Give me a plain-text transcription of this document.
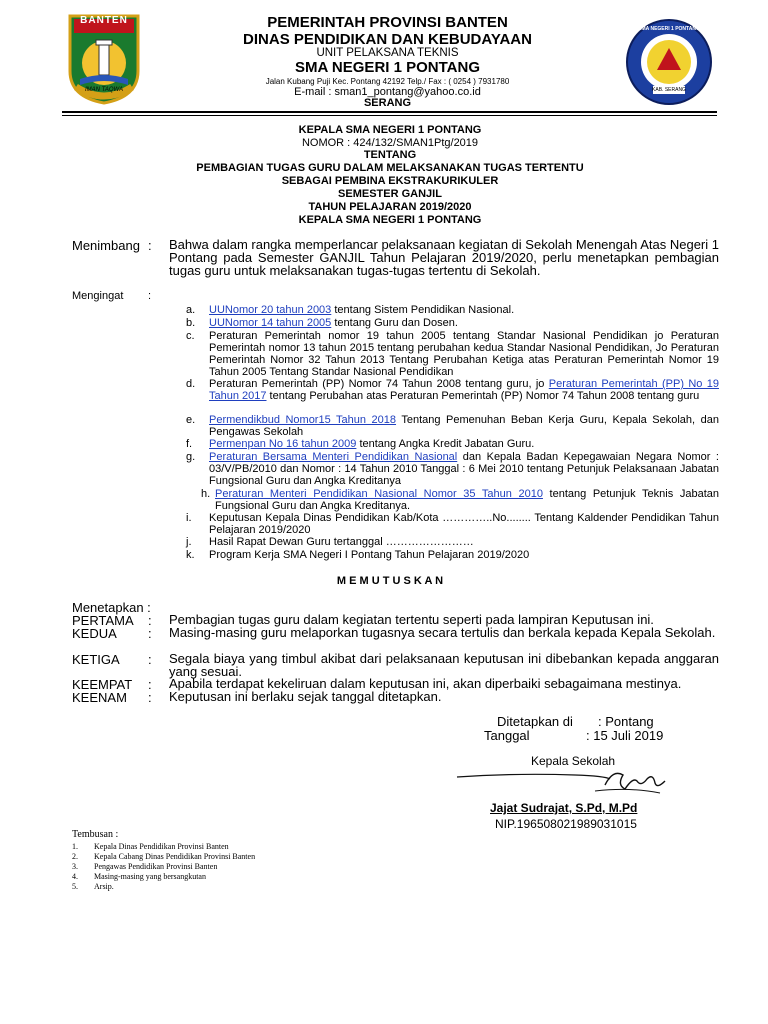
BANTEN
IMAN TAQWA
SMA NEGERI 1 PONTANG
KAB. SERANG
PEMERINTAH PROVINSI BANTEN
DINAS PENDIDIKAN DAN KEBUDAYAAN
UNIT PELAKSANA TEKNIS
SMA NEGERI 1 PONTANG
Jalan Kubang Puji Kec. Pontang 42192 Telp./ Fax : ( 0254 ) 7931780
E-mail : sman1_pontang@yahoo.co.id
SERANG
KEPALA SMA NEGERI 1 PONTANG
NOMOR : 424/132/SMAN1Ptg/2019
TENTANG
PEMBAGIAN TUGAS GURU DALAM MELAKSANAKAN TUGAS TERTENTU
SEBAGAI PEMBINA EKSTRAKURIKULER
SEMESTER GANJIL
TAHUN PELAJARAN 2019/2020
KEPALA SMA NEGERI 1 PONTANG
Menimbang : Bahwa dalam rangka memperlancar pelaksanaan kegiatan di Sekolah Menengah Atas Negeri 1 Pontang pada Semester GANJIL Tahun Pelajaran 2019/2020, perlu menetapkan pembagian tugas guru untuk melaksanakan tugas-tugas tertentu di Sekolah.
Mengingat :
a. UUNomor 20 tahun 2003 tentang Sistem Pendidikan Nasional.
b. UUNomor 14 tahun 2005 tentang Guru dan Dosen.
c. Peraturan Pemerintah nomor 19 tahun 2005 tentang Standar Nasional Pendidikan jo Peraturan Pemerintah nomor 13 tahun 2015 tentang perubahan kedua Standar Nasional Pendidikan, Jo Peraturan Pemerintah Nomor 32 Tahun 2013 Tentang Perubahan Ketiga atas Peraturan Pemerintah Nomor 19 Tahun 2005 Tentang Standar Nasional Pendidikan
d. Peraturan Pemerintah (PP) Nomor 74 Tahun 2008 tentang guru, jo Peraturan Pemerintah (PP) No 19 Tahun 2017 tentang Perubahan atas Peraturan Pemerintah (PP) Nomor 74 Tahun 2008 tentang guru
e. Permendikbud Nomor15 Tahun 2018 Tentang Pemenuhan Beban Kerja Guru, Kepala Sekolah, dan Pengawas Sekolah
f. Permenpan No 16 tahun 2009 tentang Angka Kredit Jabatan Guru.
g. Peraturan Bersama Menteri Pendidikan Nasional dan Kepala Badan Kepegawaian Negara Nomor : 03/V/PB/2010 dan Nomor : 14 Tahun 2010 Tanggal : 6 Mei 2010 tentang Petunjuk Pelaksanaan Jabatan Fungsional Guru dan Angka Kreditanya
h. Peraturan Menteri Pendidikan Nasional Nomor 35 Tahun 2010 tentang Petunjuk Teknis Jabatan Fungsional Guru dan Angka Kreditanya.
i. Keputusan Kepala Dinas Pendidikan Kab/Kota …………..No........ Tentang Kaldender Pendidikan Tahun Pelajaran 2019/2020
j. Hasil Rapat Dewan Guru tertanggal ……………………
k. Program Kerja SMA Negeri I Pontang Tahun Pelajaran 2019/2020
M E M U T U S K A N
Menetapkan :
PERTAMA : Pembagian tugas guru dalam kegiatan tertentu seperti pada lampiran Keputusan ini.
KEDUA : Masing-masing guru melaporkan tugasnya secara tertulis dan berkala kepada Kepala Sekolah.
KETIGA : Segala biaya yang timbul akibat dari pelaksanaan keputusan ini dibebankan kepada anggaran yang sesuai.
KEEMPAT : Apabila terdapat kekeliruan dalam keputusan ini, akan diperbaiki sebagaimana mestinya.
KEENAM : Keputusan ini berlaku sejak tanggal ditetapkan.
Ditetapkan di : Pontang
Tanggal	: 15 Juli 2019
Kepala Sekolah
Jajat Sudrajat, S.Pd, M.Pd
NIP.196508021989031015
Tembusan :
1. Kepala Dinas Pendidikan Provinsi Banten
2. Kepala Cabang Dinas Pendidikan Provinsi Banten
3. Pengawas Pendidikan Provinsi Banten
4. Masing-masing yang bersangkutan
5. Arsip.
